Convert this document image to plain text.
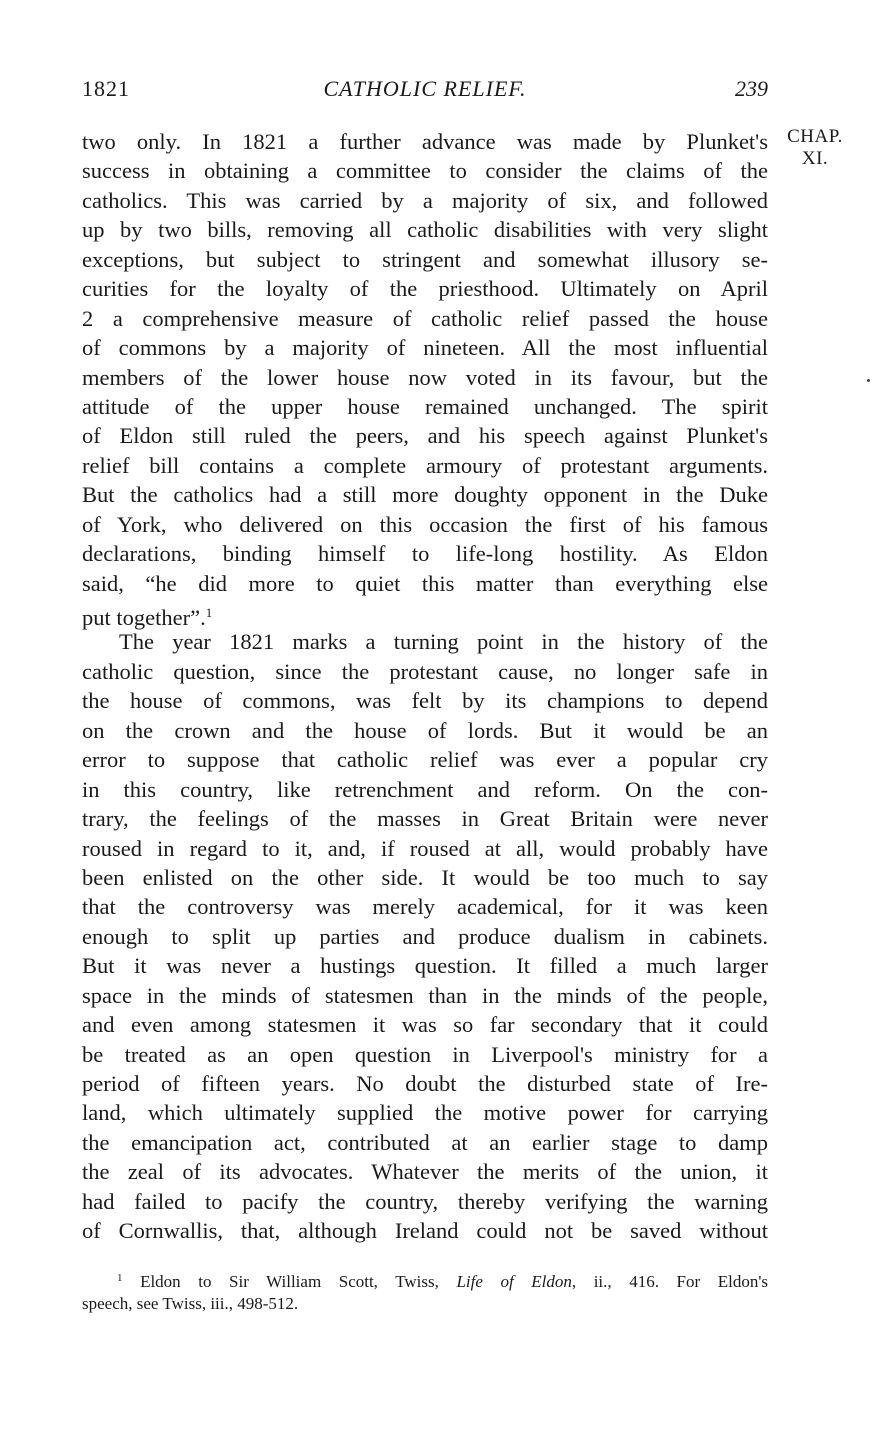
1821	CATHOLIC RELIEF.	239
CHAP.
XI.
two only. In 1821 a further advance was made by Plunket's
success in obtaining a committee to consider the claims of the
catholics. This was carried by a majority of six, and followed
up by two bills, removing all catholic disabilities with very slight
exceptions, but subject to stringent and somewhat illusory se-
curities for the loyalty of the priesthood. Ultimately on April
2 a comprehensive measure of catholic relief passed the house
of commons by a majority of nineteen. All the most influential
members of the lower house now voted in its favour, but the
attitude of the upper house remained unchanged. The spirit
of Eldon still ruled the peers, and his speech against Plunket's
relief bill contains a complete armoury of protestant arguments.
But the catholics had a still more doughty opponent in the Duke
of York, who delivered on this occasion the first of his famous
declarations, binding himself to life-long hostility. As Eldon
said, “he did more to quiet this matter than everything else
put together”.$^1$
The year 1821 marks a turning point in the history of the
catholic question, since the protestant cause, no longer safe in
the house of commons, was felt by its champions to depend
on the crown and the house of lords. But it would be an
error to suppose that catholic relief was ever a popular cry
in this country, like retrenchment and reform. On the con-
trary, the feelings of the masses in Great Britain were never
roused in regard to it, and, if roused at all, would probably have
been enlisted on the other side. It would be too much to say
that the controversy was merely academical, for it was keen
enough to split up parties and produce dualism in cabinets.
But it was never a hustings question. It filled a much larger
space in the minds of statesmen than in the minds of the people,
and even among statesmen it was so far secondary that it could
be treated as an open question in Liverpool's ministry for a
period of fifteen years. No doubt the disturbed state of Ire-
land, which ultimately supplied the motive power for carrying
the emancipation act, contributed at an earlier stage to damp
the zeal of its advocates. Whatever the merits of the union, it
had failed to pacify the country, thereby verifying the warning
of Cornwallis, that, although Ireland could not be saved without
$^1$ Eldon to Sir William Scott, Twiss, Life of Eldon, ii., 416. For Eldon's
speech, see Twiss, iii., 498-512.
